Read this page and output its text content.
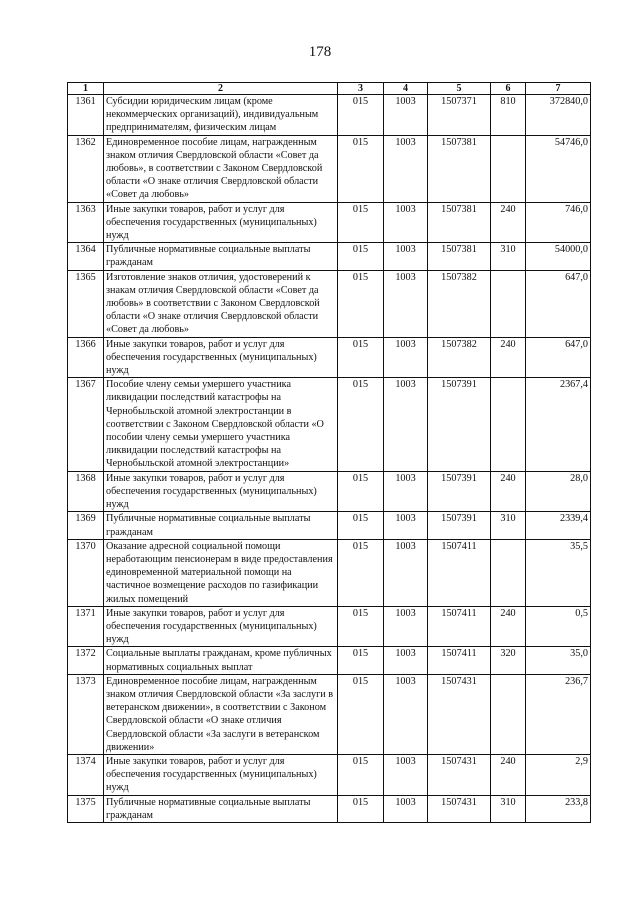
178
1	2	3	4	5	6	7
1361	Субсидии юридическим лицам (кроме некоммерческих организаций), индивидуальным предпринимателям, физическим лицам	015	1003	1507371	810	372840,0
1362	Единовременное пособие лицам, награжденным знаком отличия Свердловской области «Совет да любовь», в соответствии с Законом Свердловской области «О знаке отличия Свердловской области «Совет да любовь»	015	1003	1507381		54746,0
1363	Иные закупки товаров, работ и услуг для обеспечения государственных (муниципальных) нужд	015	1003	1507381	240	746,0
1364	Публичные нормативные социальные выплаты гражданам	015	1003	1507381	310	54000,0
1365	Изготовление знаков отличия, удостоверений к знакам отличия Свердловской области «Совет да любовь» в соответствии с Законом Свердловской области «О знаке отличия Свердловской области «Совет да любовь»	015	1003	1507382		647,0
1366	Иные закупки товаров, работ и услуг для обеспечения государственных (муниципальных) нужд	015	1003	1507382	240	647,0
1367	Пособие члену семьи умершего участника ликвидации последствий катастрофы на Чернобыльской атомной электростанции в соответствии с Законом Свердловской области «О пособии члену семьи умершего участника ликвидации последствий катастрофы на Чернобыльской атомной электростанции»	015	1003	1507391		2367,4
1368	Иные закупки товаров, работ и услуг для обеспечения государственных (муниципальных) нужд	015	1003	1507391	240	28,0
1369	Публичные нормативные социальные выплаты гражданам	015	1003	1507391	310	2339,4
1370	Оказание адресной социальной помощи неработающим пенсионерам в виде предоставления единовременной материальной помощи на частичное возмещение расходов по газификации жилых помещений	015	1003	1507411		35,5
1371	Иные закупки товаров, работ и услуг для обеспечения государственных (муниципальных) нужд	015	1003	1507411	240	0,5
1372	Социальные выплаты гражданам, кроме публичных нормативных социальных выплат	015	1003	1507411	320	35,0
1373	Единовременное пособие лицам, награжденным знаком отличия Свердловской области «За заслуги в ветеранском движении», в соответствии с Законом Свердловской области «О знаке отличия Свердловской области «За заслуги в ветеранском движении»	015	1003	1507431		236,7
1374	Иные закупки товаров, работ и услуг для обеспечения государственных (муниципальных) нужд	015	1003	1507431	240	2,9
1375	Публичные нормативные социальные выплаты гражданам	015	1003	1507431	310	233,8
